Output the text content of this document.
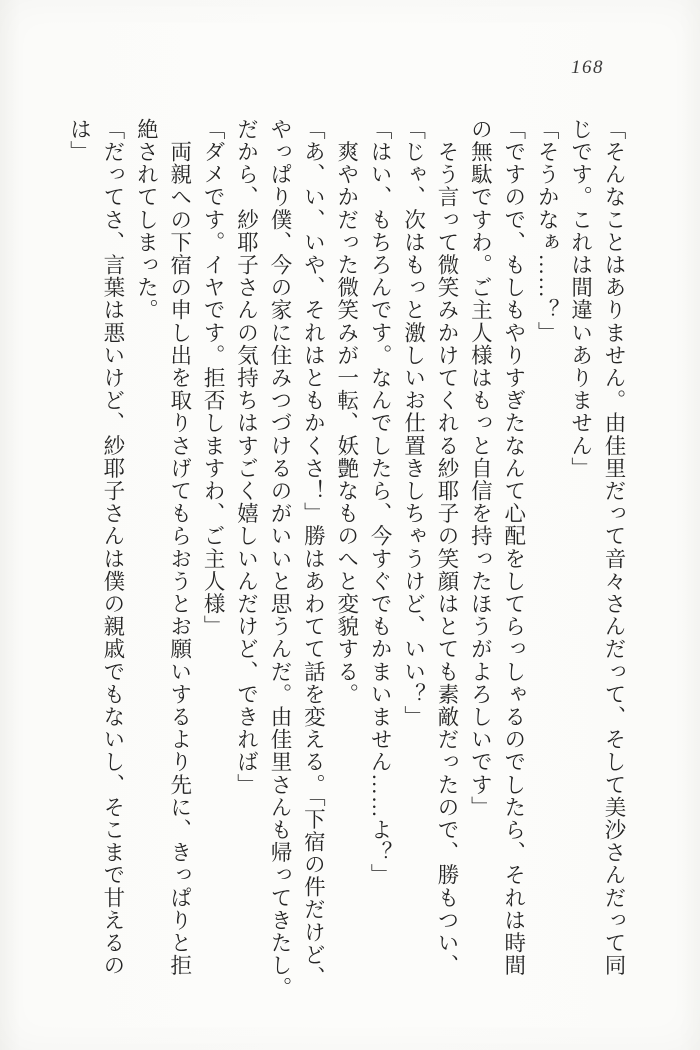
168

「そんなことはありません。由佳里だって音々さんだって、そして美沙さんだって同

じです。これは間違いありません」

「そうかなぁ……？」

「ですので、もしもやりすぎたなんて心配をしてらっしゃるのでしたら、それは時間

の無駄ですわ。ご主人様はもっと自信を持ったほうがよろしいです」

　そう言って微笑みかけてくれる紗耶子の笑顔はとても素敵だったので、勝もつい、

「じゃ、次はもっと激しいお仕置きしちゃうけど、いい？」

「はい、もちろんです。なんでしたら、今すぐでもかまいません……よ？」

　爽やかだった微笑みが一転、妖艶なものへと変貌する。

「あ、い、いや、それはともかくさ！」勝はあわてて話を変える。「下宿の件だけど、

やっぱり僕、今の家に住みつづけるのがいいと思うんだ。由佳里さんも帰ってきたし。

だから、紗耶子さんの気持ちはすごく嬉しいんだけど、できれば」

「ダメです。イヤです。拒否しますわ、ご主人様」

　両親への下宿の申し出を取りさげてもらおうとお願いするより先に、きっぱりと拒

絶されてしまった。

「だってさ、言葉は悪いけど、紗耶子さんは僕の親戚でもないし、そこまで甘えるの

は」
